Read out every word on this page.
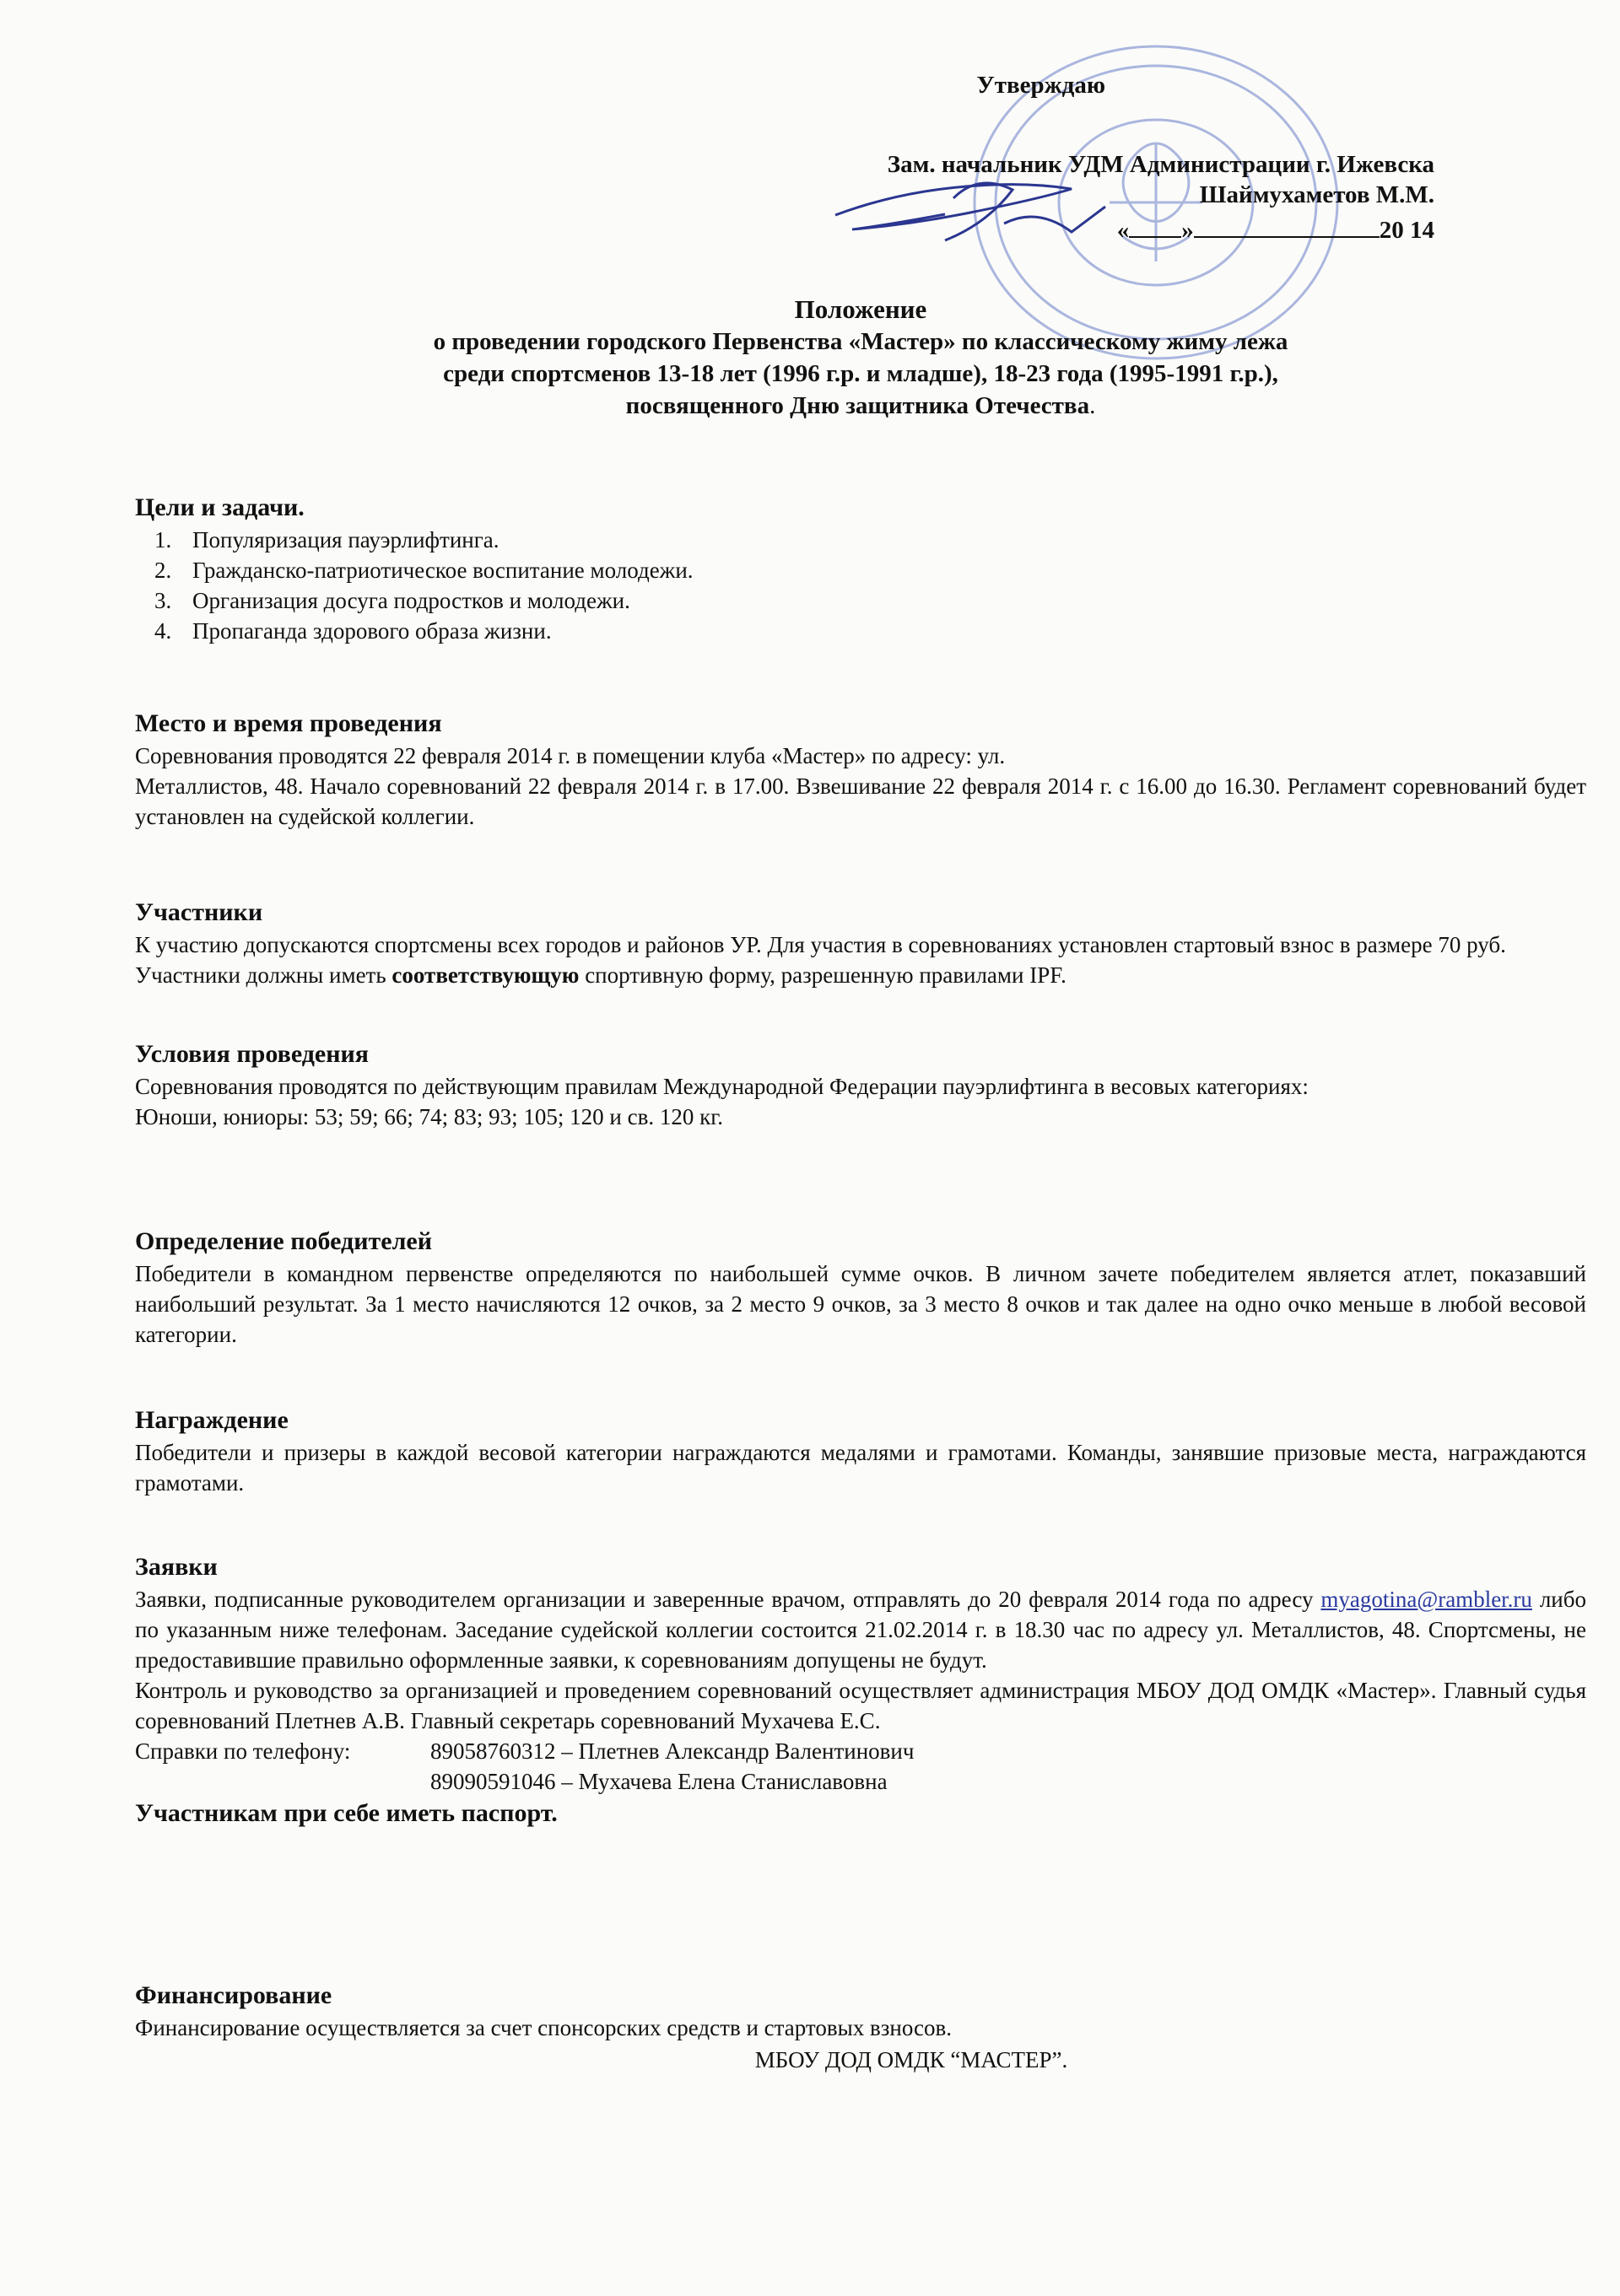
Утверждаю
Зам. начальник УДМ Администрации г. Ижевска
Шаймухаметов М.М.
« »	20 14
Положение
о проведении городского Первенства «Мастер» по классическому жиму лежа
среди спортсменов 13-18 лет (1996 г.р. и младше), 18-23 года (1995-1991 г.р.),
посвященного Дню защитника Отечества.
Цели и задачи.
1. Популяризация пауэрлифтинга.
2. Гражданско-патриотическое воспитание молодежи.
3. Организация досуга подростков и молодежи.
4. Пропаганда здорового образа жизни.
Место и время проведения

Соревнования проводятся 22 февраля 2014 г. в помещении клуба «Мастер» по адресу: ул.

Металлистов, 48. Начало соревнований 22 февраля 2014 г. в 17.00. Взвешивание 22 февраля 2014 г. с 16.00 до 16.30. Регламент соревнований будет установлен на судейской коллегии.

Участники

К участию допускаются спортсмены всех городов и районов УР. Для участия в соревнованиях установлен стартовый взнос в размере 70 руб.

Участники должны иметь соответствующую спортивную форму, разрешенную правилами IPF.

Условия проведения

Соревнования проводятся по действующим правилам Международной Федерации пауэрлифтинга в весовых категориях:

Юноши, юниоры: 53; 59; 66; 74; 83; 93; 105; 120 и св. 120 кг.

Определение победителей

Победители в командном первенстве определяются по наибольшей сумме очков. В личном зачете победителем является атлет, показавший наибольший результат. За 1 место начисляются 12 очков, за 2 место 9 очков, за 3 место 8 очков и так далее на одно очко меньше в любой весовой категории.

Награждение

Победители и призеры в каждой весовой категории награждаются медалями и грамотами. Команды, занявшие призовые места, награждаются грамотами.

Заявки

Заявки, подписанные руководителем организации и заверенные врачом, отправлять до 20 февраля 2014 года по адресу myagotina@rambler.ru либо по указанным ниже телефонам. Заседание судейской коллегии состоится 21.02.2014 г. в 18.30 час по адресу ул. Металлистов, 48. Спортсмены, не предоставившие правильно оформленные заявки, к соревнованиям допущены не будут.

Контроль и руководство за организацией и проведением соревнований осуществляет администрация МБОУ ДОД ОМДК «Мастер». Главный судья соревнований Плетнев А.В. Главный секретарь соревнований Мухачева Е.С.

Справки по телефону:	89058760312 – Плетнев Александр Валентинович
89090591046 – Мухачева Елена Станиславовна
Участникам при себе иметь паспорт.
Финансирование

Финансирование осуществляется за счет спонсорских средств и стартовых взносов.

МБОУ ДОД ОМДК “МАСТЕР”.
